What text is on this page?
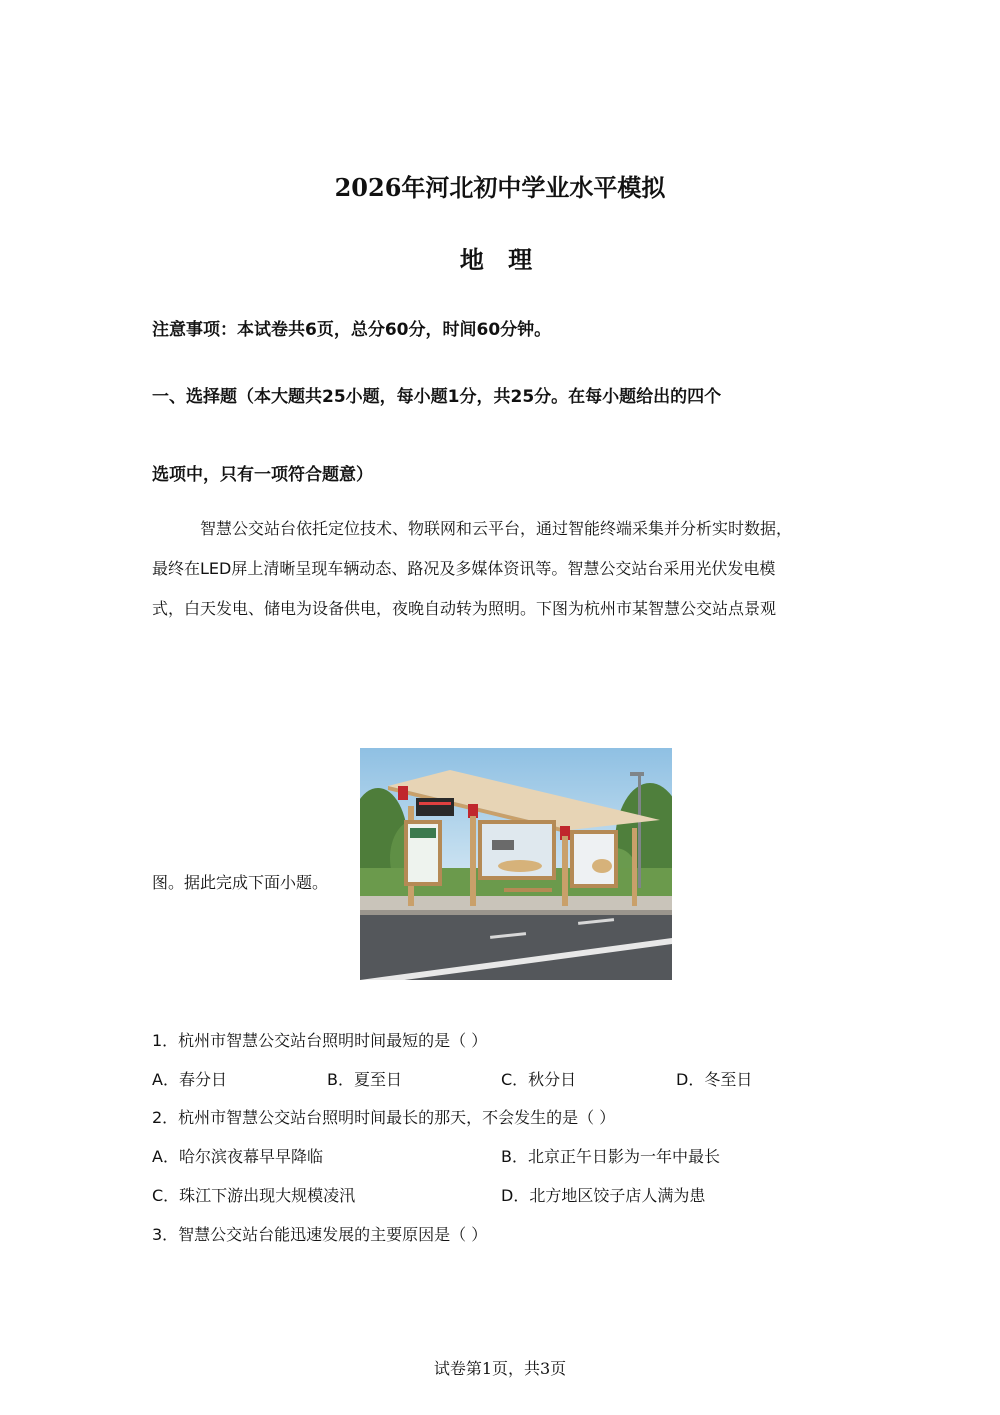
2026年河北初中学业水平模拟
地 理
注意事项：本试卷共6页，总分60分，时间60分钟。
一、选择题（本大题共25小题，每小题1分，共25分。在每小题给出的四个
选项中，只有一项符合题意）
智慧公交站台依托定位技术、物联网和云平台，通过智能终端采集并分析实时数据，
最终在LED屏上清晰呈现车辆动态、路况及多媒体资讯等。智慧公交站台采用光伏发电模
式，白天发电、储电为设备供电，夜晚自动转为照明。下图为杭州市某智慧公交站点景观
图。据此完成下面小题。
1．杭州市智慧公交站台照明时间最短的是（ ）
A．春分日	B．夏至日	C．秋分日	D．冬至日
2．杭州市智慧公交站台照明时间最长的那天，不会发生的是（ ）
A．哈尔滨夜幕早早降临	B．北京正午日影为一年中最长
C．珠江下游出现大规模凌汛	D．北方地区饺子店人满为患
3．智慧公交站台能迅速发展的主要原因是（ ）
试卷第1页，共3页
